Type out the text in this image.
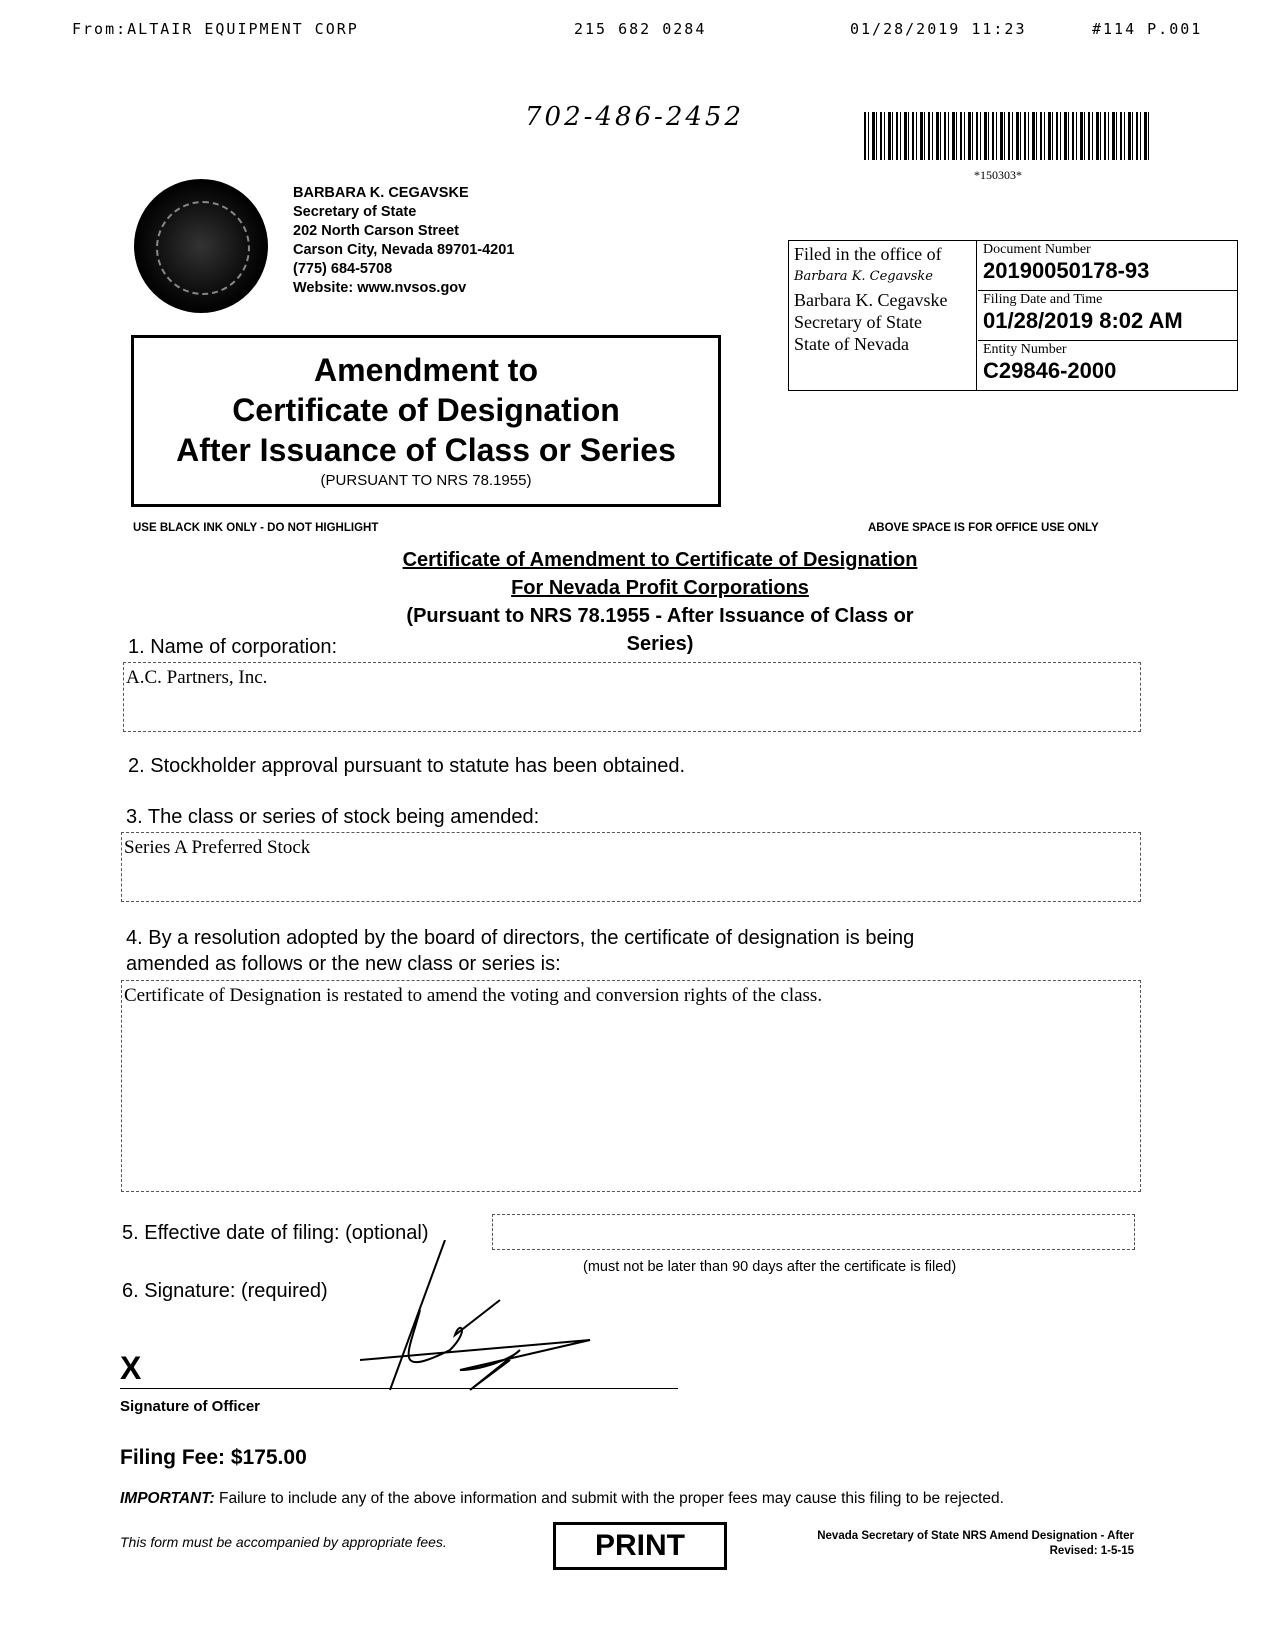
From:ALTAIR EQUIPMENT CORP	215 682 0284	01/28/2019 11:23	#114 P.001
702-486-2452
*150303*
BARBARA K. CEGAVSKE
Secretary of State
202 North Carson Street
Carson City, Nevada 89701-4201
(775) 684-5708
Website: www.nvsos.gov
Amendment to
Certificate of Designation
After Issuance of Class or Series
(PURSUANT TO NRS 78.1955)
Filed in the office of
Barbara K. Cegavske
Barbara K. Cegavske
Secretary of State
State of Nevada
Document Number
20190050178-93
Filing Date and Time
01/28/2019 8:02 AM
Entity Number
C29846-2000
USE BLACK INK ONLY - DO NOT HIGHLIGHT	ABOVE SPACE IS FOR OFFICE USE ONLY
Certificate of Amendment to Certificate of Designation
For Nevada Profit Corporations
(Pursuant to NRS 78.1955 - After Issuance of Class or
Series)
1. Name of corporation:
A.C. Partners, Inc.
2. Stockholder approval pursuant to statute has been obtained.
3. The class or series of stock being amended:
Series A Preferred Stock
4. By a resolution adopted by the board of directors, the certificate of designation is being
amended as follows or the new class or series is:
Certificate of Designation is restated to amend the voting and conversion rights of the class.
5. Effective date of filing: (optional)
(must not be later than 90 days after the certificate is filed)
6. Signature: (required)
X
Signature of Officer
Filing Fee: $175.00
IMPORTANT: Failure to include any of the above information and submit with the proper fees may cause this filing to be rejected.
This form must be accompanied by appropriate fees.	PRINT	Nevada Secretary of State NRS Amend Designation - After
Revised: 1-5-15
